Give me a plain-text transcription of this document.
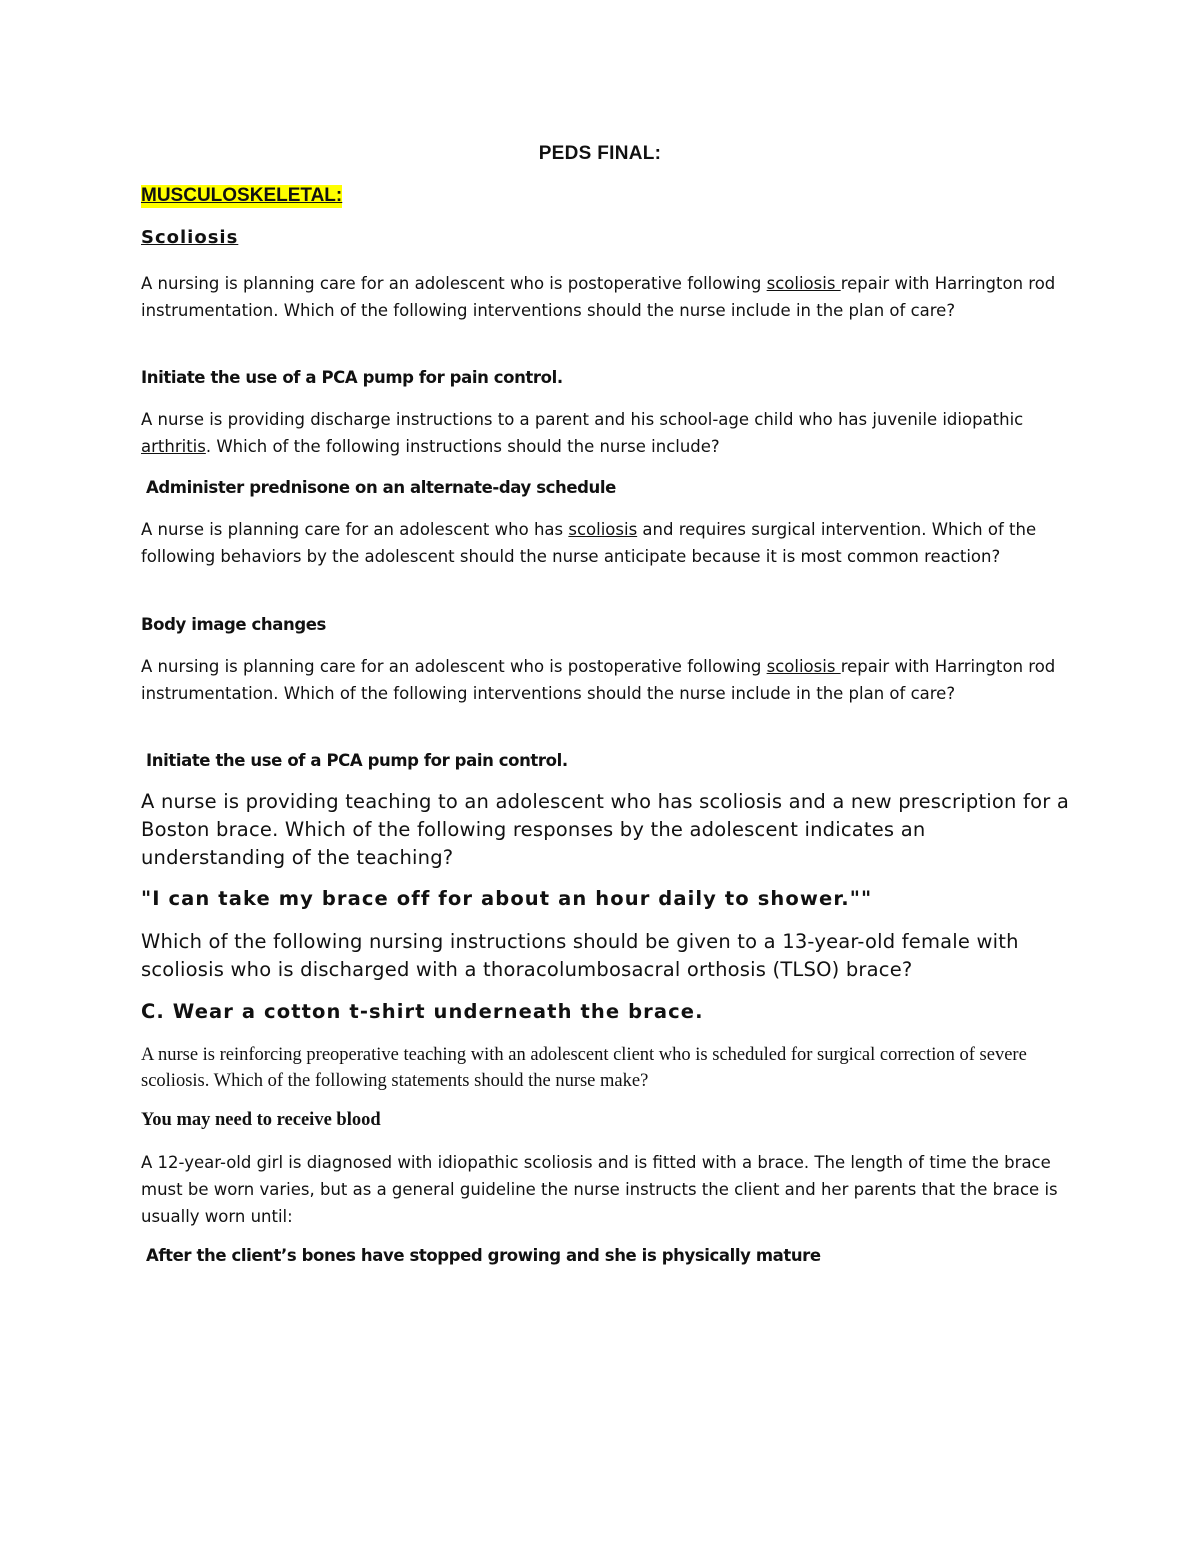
PEDS FINAL:
MUSCULOSKELETAL:
Scoliosis
A nursing is planning care for an adolescent who is postoperative following scoliosis repair with Harrington rod instrumentation. Which of the following interventions should the nurse include in the plan of care?
Initiate the use of a PCA pump for pain control.
A nurse is providing discharge instructions to a parent and his school-age child who has juvenile idiopathic arthritis. Which of the following instructions should the nurse include?
Administer prednisone on an alternate-day schedule
A nurse is planning care for an adolescent who has scoliosis and requires surgical intervention. Which of the following behaviors by the adolescent should the nurse anticipate because it is most common reaction?
Body image changes
A nursing is planning care for an adolescent who is postoperative following scoliosis repair with Harrington rod instrumentation. Which of the following interventions should the nurse include in the plan of care?
Initiate the use of a PCA pump for pain control.
A nurse is providing teaching to an adolescent who has scoliosis and a new prescription for a Boston brace. Which of the following responses by the adolescent indicates an understanding of the teaching?
"I can take my brace off for about an hour daily to shower.""
Which of the following nursing instructions should be given to a 13-year-old female with scoliosis who is discharged with a thoracolumbosacral orthosis (TLSO) brace?
C. Wear a cotton t-shirt underneath the brace.
A nurse is reinforcing preoperative teaching with an adolescent client who is scheduled for surgical correction of severe scoliosis. Which of the following statements should the nurse make?
You may need to receive blood
A 12-year-old girl is diagnosed with idiopathic scoliosis and is fitted with a brace. The length of time the brace must be worn varies, but as a general guideline the nurse instructs the client and her parents that the brace is usually worn until:
After the client’s bones have stopped growing and she is physically mature
